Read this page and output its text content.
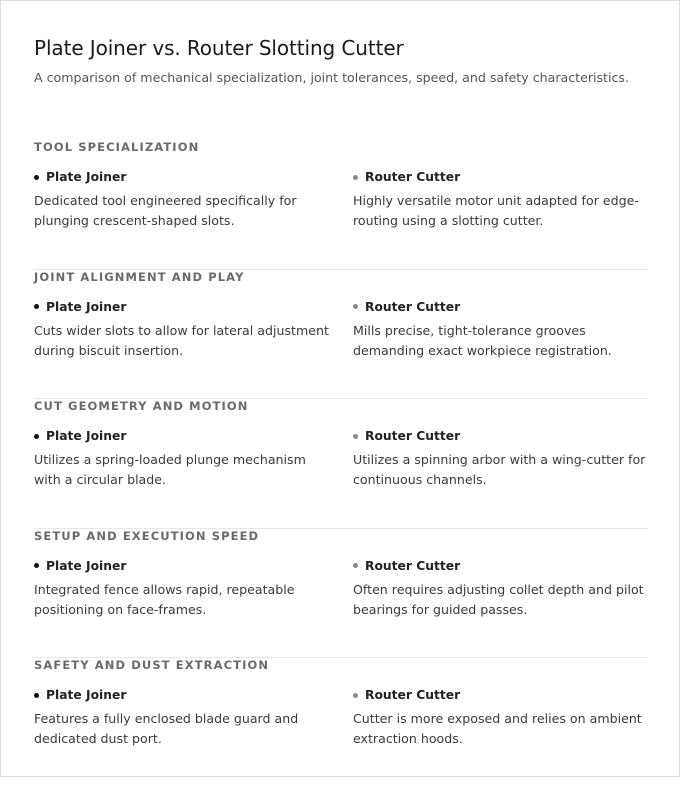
Plate Joiner vs. Router Slotting Cutter
A comparison of mechanical specialization, joint tolerances, speed, and safety characteristics.
TOOL SPECIALIZATION
Plate Joiner
Dedicated tool engineered specifically for plunging crescent-shaped slots.
Router Cutter
Highly versatile motor unit adapted for edge-routing using a slotting cutter.
JOINT ALIGNMENT AND PLAY
Plate Joiner
Cuts wider slots to allow for lateral adjustment during biscuit insertion.
Router Cutter
Mills precise, tight-tolerance grooves demanding exact workpiece registration.
CUT GEOMETRY AND MOTION
Plate Joiner
Utilizes a spring-loaded plunge mechanism with a circular blade.
Router Cutter
Utilizes a spinning arbor with a wing-cutter for continuous channels.
SETUP AND EXECUTION SPEED
Plate Joiner
Integrated fence allows rapid, repeatable positioning on face-frames.
Router Cutter
Often requires adjusting collet depth and pilot bearings for guided passes.
SAFETY AND DUST EXTRACTION
Plate Joiner
Features a fully enclosed blade guard and dedicated dust port.
Router Cutter
Cutter is more exposed and relies on ambient extraction hoods.
